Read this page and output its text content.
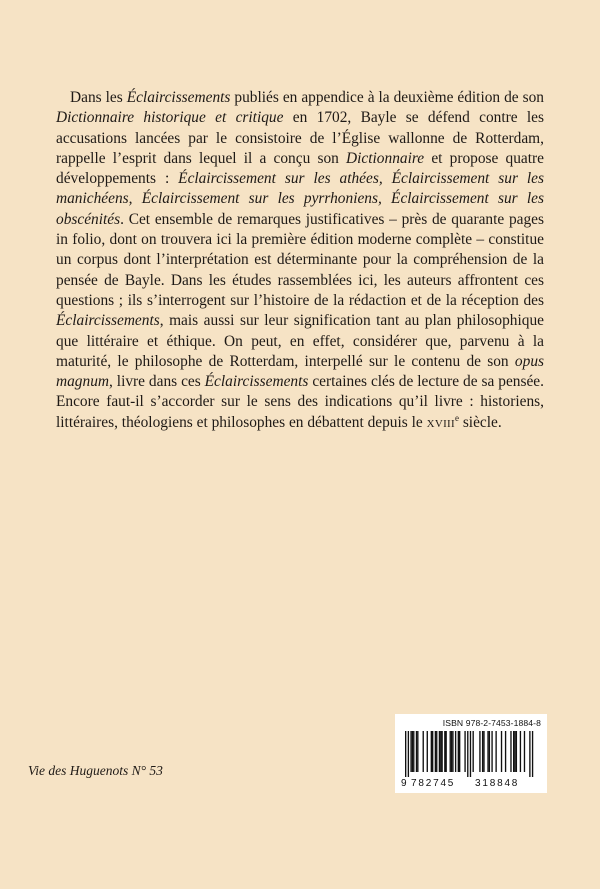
Dans les Éclaircissements publiés en appendice à la deuxième édition de son Dictionnaire historique et critique en 1702, Bayle se défend contre les accusations lancées par le consistoire de l’Église wallonne de Rotterdam, rappelle l’esprit dans lequel il a conçu son Dictionnaire et propose quatre développements : Éclaircissement sur les athées, Éclaircissement sur les manichéens, Éclaircissement sur les pyrrhoniens, Éclaircissement sur les obscénités. Cet ensemble de remarques justificatives – près de quarante pages in folio, dont on trouvera ici la première édition moderne complète – constitue un corpus dont l’interprétation est déterminante pour la compréhension de la pensée de Bayle. Dans les études rassemblées ici, les auteurs affrontent ces questions ; ils s’interrogent sur l’histoire de la rédaction et de la réception des Éclaircissements, mais aussi sur leur signification tant au plan philosophique que littéraire et éthique. On peut, en effet, considérer que, parvenu à la maturité, le philosophe de Rotterdam, interpellé sur le contenu de son opus magnum, livre dans ces Éclaircissements certaines clés de lecture de sa pensée. Encore faut-il s’accorder sur le sens des indications qu’il livre : historiens, littéraires, théologiens et philosophes en débattent depuis le XVIIIe siècle.

Vie des Huguenots N° 53
ISBN 978-2-7453-1884-8
9 782745	318848
